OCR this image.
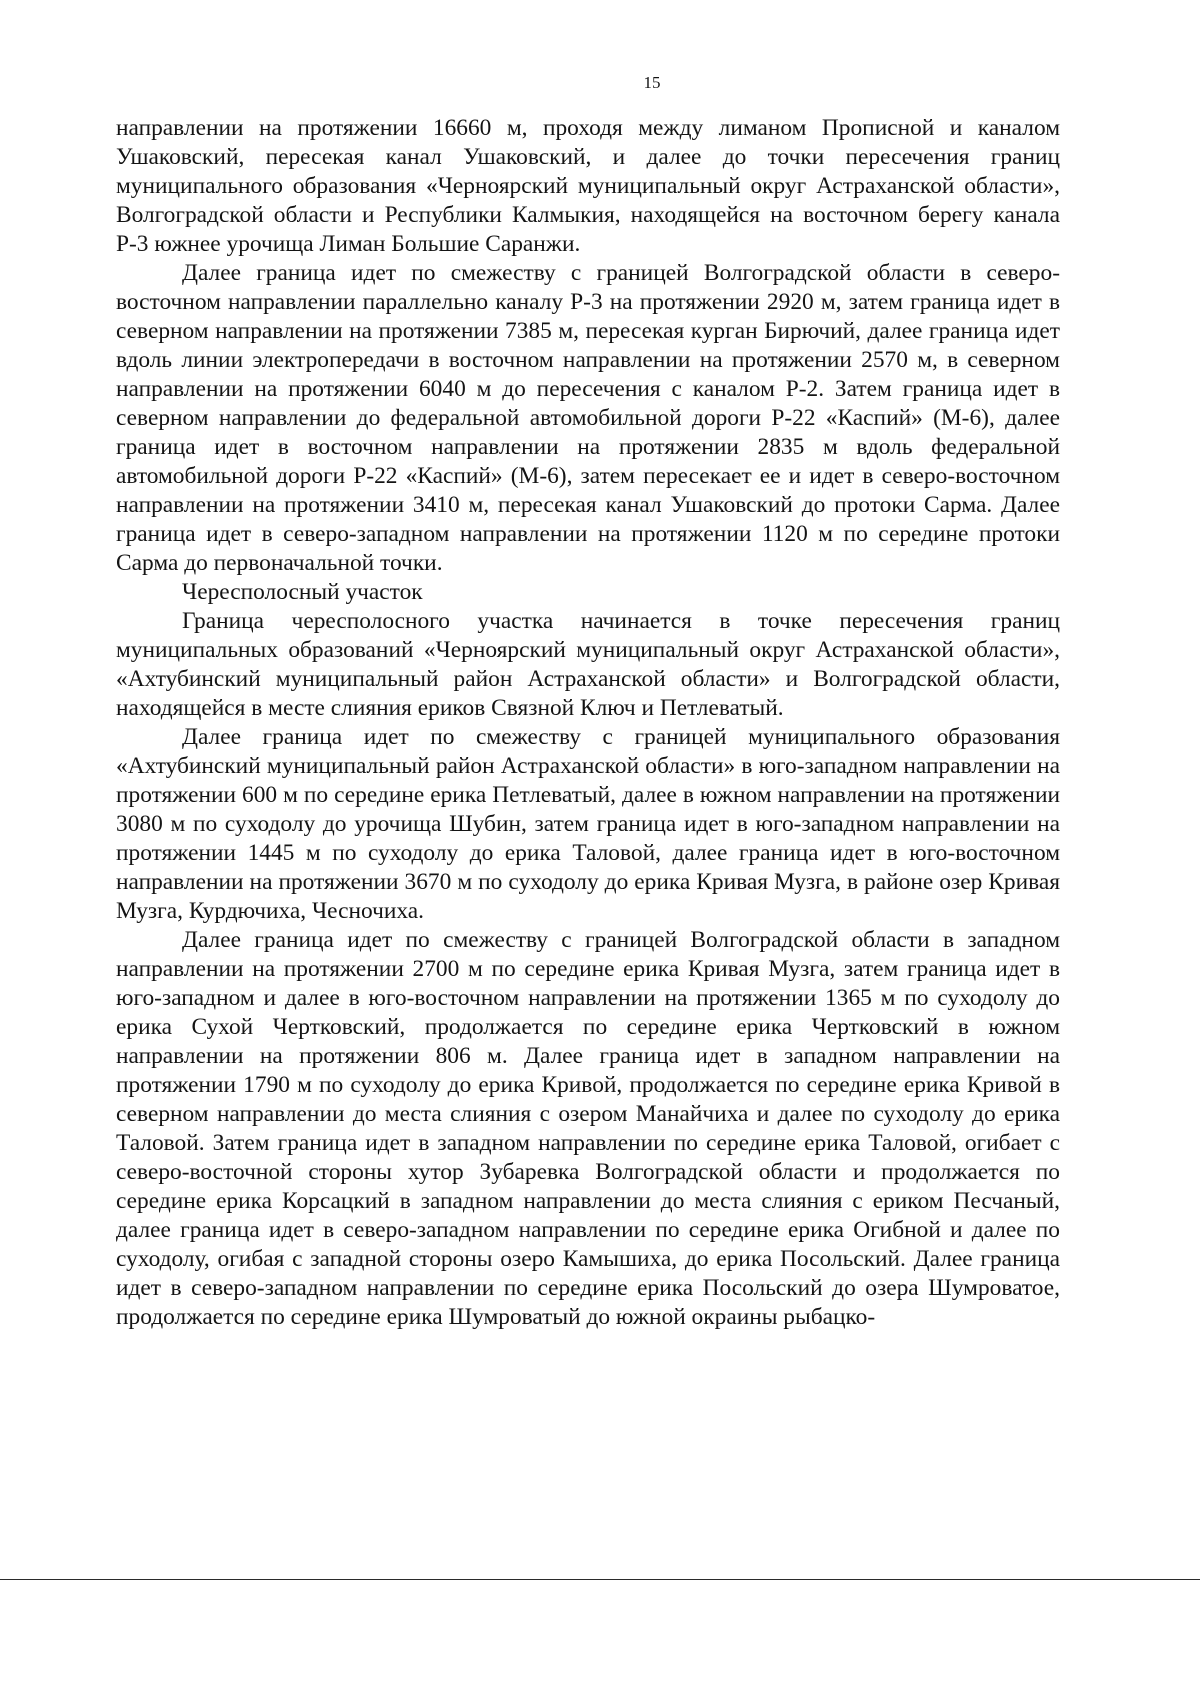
15

направлении на протяжении 16660 м, проходя между лиманом Прописной и каналом Ушаковский, пересекая канал Ушаковский, и далее до точки пересечения границ муниципального образования «Черноярский муниципальный округ Астраханской области», Волгоградской области и Республики Калмыкия, находящейся на восточном берегу канала Р-3 южнее урочища Лиман Большие Саранжи.

Далее граница идет по смежеству с границей Волгоградской области в северо-восточном направлении параллельно каналу Р-3 на протяжении 2920 м, затем граница идет в северном направлении на протяжении 7385 м, пересекая курган Бирючий, далее граница идет вдоль линии электропередачи в восточном направлении на протяжении 2570 м, в северном направлении на протяжении 6040 м до пересечения с каналом Р-2. Затем граница идет в северном направлении до федеральной автомобильной дороги Р-22 «Каспий» (М-6), далее граница идет в восточном направлении на протяжении 2835 м вдоль федеральной автомобильной дороги Р-22 «Каспий» (М-6), затем пересекает ее и идет в северо-восточном направлении на протяжении 3410 м, пересекая канал Ушаковский до протоки Сарма. Далее граница идет в северо-западном направлении на протяжении 1120 м по середине протоки Сарма до первоначальной точки.

Чересполосный участок

Граница чересполосного участка начинается в точке пересечения границ муниципальных образований «Черноярский муниципальный округ Астраханской области», «Ахтубинский муниципальный район Астраханской области» и Волгоградской области, находящейся в месте слияния ериков Связной Ключ и Петлеватый.

Далее граница идет по смежеству с границей муниципального образования «Ахтубинский муниципальный район Астраханской области» в юго-западном направлении на протяжении 600 м по середине ерика Петлеватый, далее в южном направлении на протяжении 3080 м по суходолу до урочища Шубин, затем граница идет в юго-западном направлении на протяжении 1445 м по суходолу до ерика Таловой, далее граница идет в юго-восточном направлении на протяжении 3670 м по суходолу до ерика Кривая Музга, в районе озер Кривая Музга, Курдючиха, Чесночиха.

Далее граница идет по смежеству с границей Волгоградской области в западном направлении на протяжении 2700 м по середине ерика Кривая Музга, затем граница идет в юго-западном и далее в юго-восточном направлении на протяжении 1365 м по суходолу до ерика Сухой Чертковский, продолжается по середине ерика Чертковский в южном направлении на протяжении 806 м. Далее граница идет в западном направлении на протяжении 1790 м по суходолу до ерика Кривой, продолжается по середине ерика Кривой в северном направлении до места слияния с озером Манайчиха и далее по суходолу до ерика Таловой. Затем граница идет в западном направлении по середине ерика Таловой, огибает с северо-восточной стороны хутор Зубаревка Волгоградской области и продолжается по середине ерика Корсацкий в западном направлении до места слияния с ериком Песчаный, далее граница идет в северо-западном направлении по середине ерика Огибной и далее по суходолу, огибая с западной стороны озеро Камышиха, до ерика Посольский. Далее граница идет в северо-западном направлении по середине ерика Посольский до озера Шумроватое, продолжается по середине ерика Шумроватый до южной окраины рыбацко-
